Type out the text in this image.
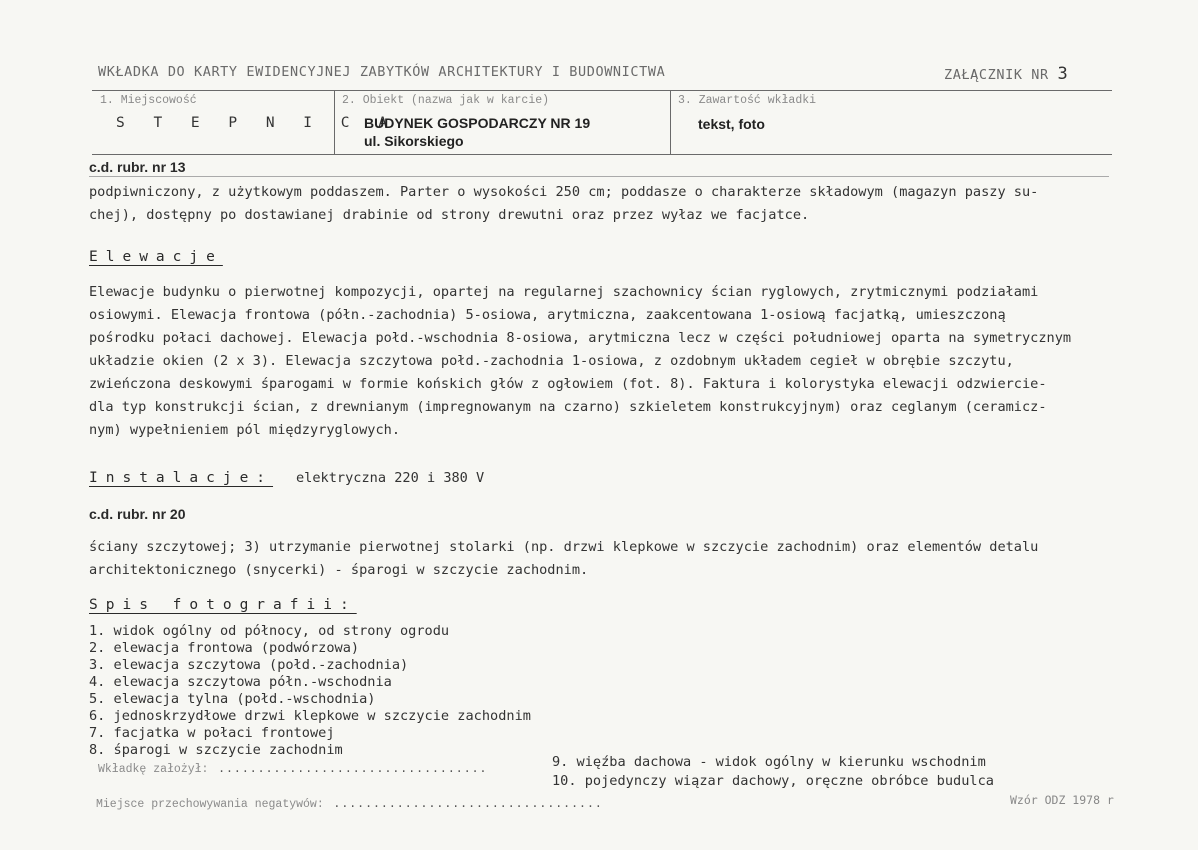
WKŁADKA DO KARTY EWIDENCYJNEJ ZABYTKÓW ARCHITEKTURY I BUDOWNICTWA	ZAŁĄCZNIK NR 3
1. Miejscowość
S T E P N I C A
2. Obiekt (nazwa jak w karcie)
BUDYNEK GOSPODARCZY NR 19
ul. Sikorskiego
3. Zawartość wkładki
tekst, foto
c.d. rubr. nr 13
podpiwniczony, z użytkowym poddaszem. Parter o wysokości 250 cm; poddasze o charakterze składowym (magazyn paszy su-
chej), dostępny po dostawianej drabinie od strony drewutni oraz przez wyłaz we facjatce.
Elewacje
Elewacje budynku o pierwotnej kompozycji, opartej na regularnej szachownicy ścian ryglowych, zrytmicznymi podziałami
osiowymi. Elewacja frontowa (półn.-zachodnia) 5-osiowa, arytmiczna, zaakcentowana 1-osiową facjatką, umieszczoną
pośrodku połaci dachowej. Elewacja połd.-wschodnia 8-osiowa, arytmiczna lecz w części południowej oparta na symetrycznym
układzie okien (2 x 3). Elewacja szczytowa połd.-zachodnia 1-osiowa, z ozdobnym układem cegieł w obrębie szczytu,
zwieńczona deskowymi śparogami w formie końskich głów z ogłowiem (fot. 8). Faktura i kolorystyka elewacji odzwiercie-
dla typ konstrukcji ścian, z drewnianym (impregnowanym na czarno) szkieletem konstrukcyjnym) oraz ceglanym (ceramicz-
nym) wypełnieniem pól międzyryglowych.
Instalacje: elektryczna 220 i 380 V
c.d. rubr. nr 20
ściany szczytowej; 3) utrzymanie pierwotnej stolarki (np. drzwi klepkowe w szczycie zachodnim) oraz elementów detalu
architektonicznego (snycerki) - śparogi w szczycie zachodnim.
Spis fotografii:
1. widok ogólny od północy, od strony ogrodu
2. elewacja frontowa (podwórzowa)
3. elewacja szczytowa (połd.-zachodnia)
4. elewacja szczytowa półn.-wschodnia
5. elewacja tylna (połd.-wschodnia)
6. jednoskrzydłowe drzwi klepkowe w szczycie zachodnim
7. facjatka w połaci frontowej
8. śparogi w szczycie zachodnim
9. więźba dachowa - widok ogólny w kierunku wschodnim
10. pojedynczy wiązar dachowy, oręczne obróbce budulca
Wkładkę założył: ..................................
Miejsce przechowywania negatywów: ..................................	Wzór ODZ 1978 r
